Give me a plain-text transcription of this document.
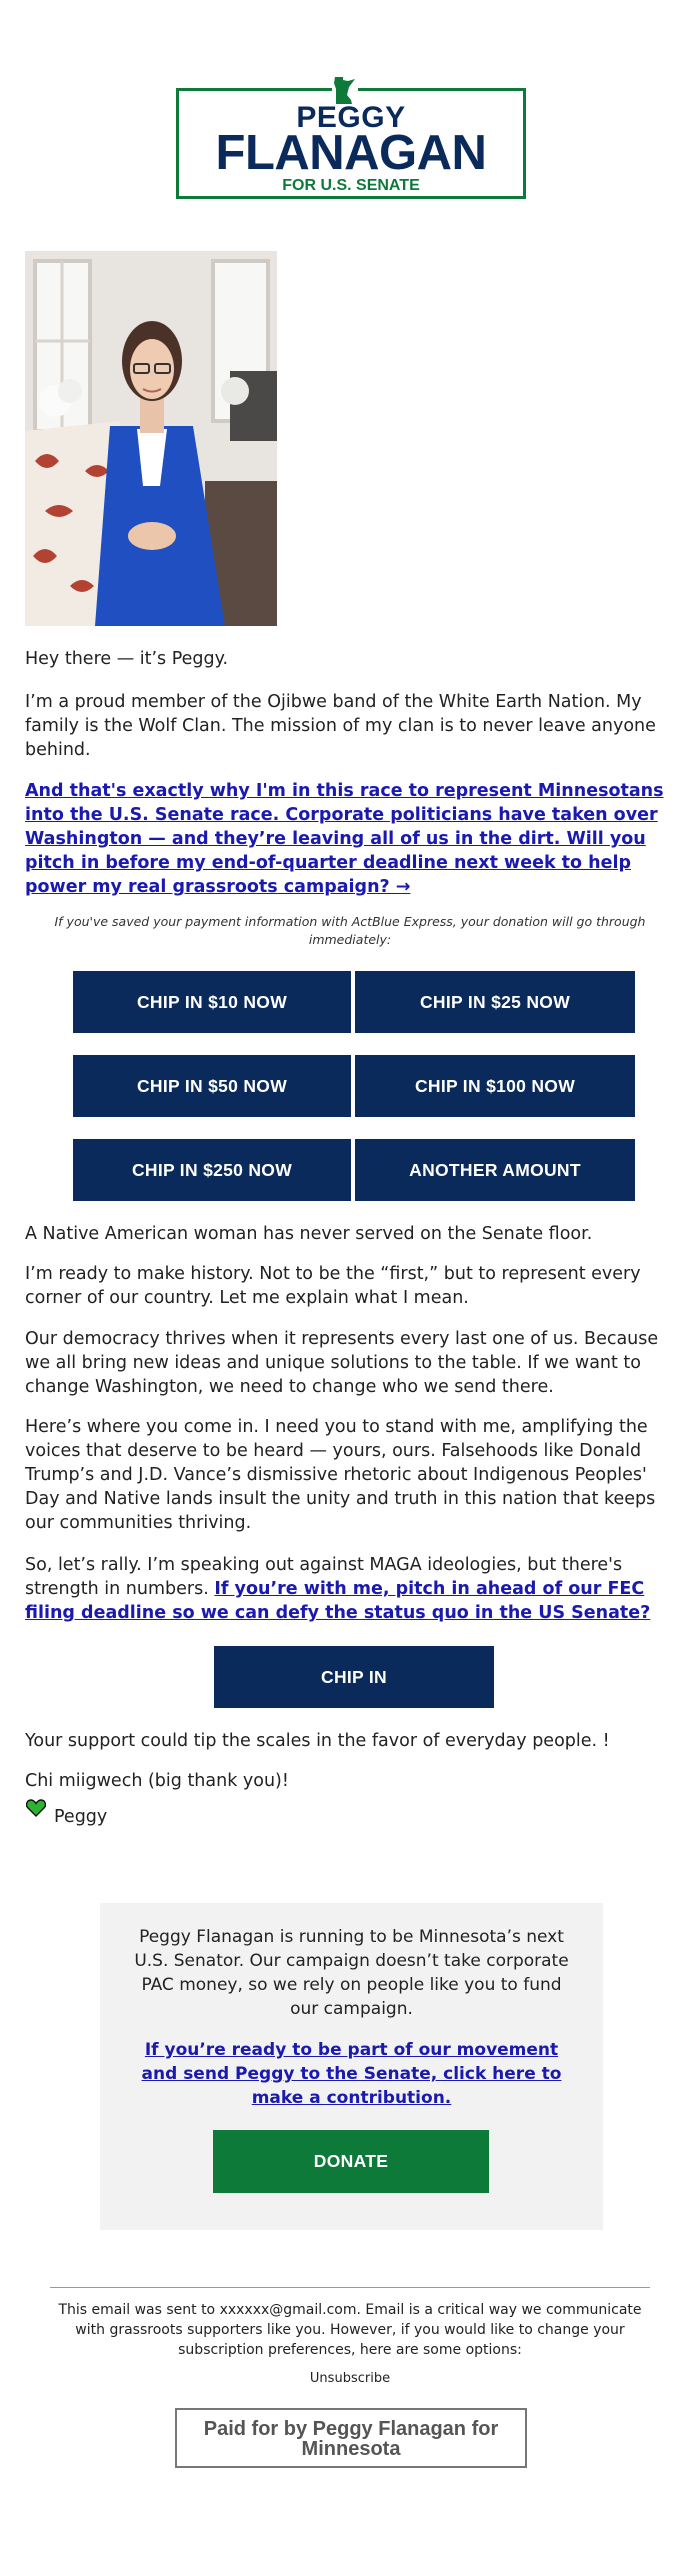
PEGGY
FLANAGAN
FOR U.S. SENATE

Hey there — it’s Peggy.

I’m a proud member of the Ojibwe band of the White Earth Nation. My family is the Wolf Clan. The mission of my clan is to never leave anyone behind.

And that's exactly why I'm in this race to represent Minnesotans into the U.S. Senate race. Corporate politicians have taken over Washington — and they’re leaving all of us in the dirt. Will you pitch in before my end-of-quarter deadline next week to help power my real grassroots campaign? →

If you've saved your payment information with ActBlue Express, your donation will go through immediately:

CHIP IN $10 NOW	CHIP IN $25 NOW
CHIP IN $50 NOW	CHIP IN $100 NOW
CHIP IN $250 NOW	ANOTHER AMOUNT

A Native American woman has never served on the Senate floor.

I’m ready to make history. Not to be the “first,” but to represent every corner of our country. Let me explain what I mean.

Our democracy thrives when it represents every last one of us. Because we all bring new ideas and unique solutions to the table. If we want to change Washington, we need to change who we send there.

Here’s where you come in. I need you to stand with me, amplifying the voices that deserve to be heard — yours, ours. Falsehoods like Donald Trump’s and J.D. Vance’s dismissive rhetoric about Indigenous Peoples' Day and Native lands insult the unity and truth in this nation that keeps our communities thriving.

So, let’s rally. I’m speaking out against MAGA ideologies, but there's strength in numbers. If you’re with me, pitch in ahead of our FEC filing deadline so we can defy the status quo in the US Senate?

CHIP IN

Your support could tip the scales in the favor of everyday people. !

Chi miigwech (big thank you)!

Peggy

Peggy Flanagan is running to be Minnesota’s next U.S. Senator. Our campaign doesn’t take corporate PAC money, so we rely on people like you to fund our campaign.

If you’re ready to be part of our movement and send Peggy to the Senate, click here to make a contribution.
DONATE

This email was sent to xxxxxx@gmail.com. Email is a critical way we communicate with grassroots supporters like you. However, if you would like to change your subscription preferences, here are some options:

Unsubscribe

Paid for by Peggy Flanagan for Minnesota
